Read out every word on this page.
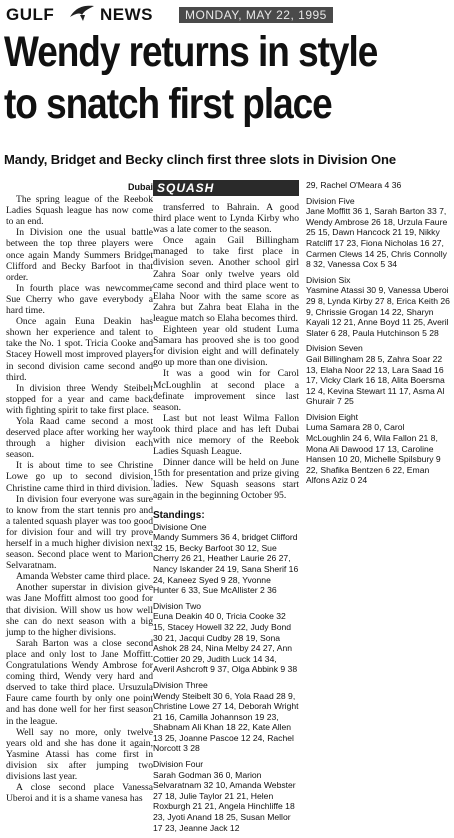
GULF	NEWS	MONDAY, MAY 22, 1995
Wendy returns in style
to snatch first place
Mandy, Bridget and Becky clinch first three slots in Division One
Dubai

The spring league of the Reebok Ladies Squash league has now come to an end.

In Division one the usual battle between the top three players were once again Mandy Summers Bridget Clifford and Becky Barfoot in that order.

In fourth place was newcommer Sue Cherry who gave everybody a hard time.

Once again Euna Deakin has shown her experience and talent to take the No. 1 spot. Tricia Cooke and Stacey Howell most improved players in second division came second and third.

In division three Wendy Steibelt stopped for a year and came back with fighting spirit to take first place.

Yola Raad came second a most deserved place after working her way through a higher division each season.

It is about time to see Christine Lowe go up to second division, Christine came third in third division.

In division four everyone was sure to know from the start tennis pro and a talented squash player was too good for division four and will try prove herself in a much higher division next season. Second place went to Marion Selvaratnam.

Amanda Webster came third place.

Another superstar in division give was Jane Moffitt almost too good for that division. Will show us how well she can do next season with a big jump to the higher divisions.

Sarah Barton was a close second place and only lost to Jane Moffitt. Congratulations Wendy Ambrose for coming third, Wendy very hard and dserved to take third place. Ursuzula Faure came fourth by only one point and has done well for her first season in the league.

Well say no more, only twelve years old and she has done it again, Yasmine Atassi has come first in division six after jumping two divisions last year.

A close second place Vanessa Uberoi and it is a shame vanesa has

SQUASH

transferred to Bahrain. A good third place went to Lynda Kirby who was a late comer to the season.

Once again Gail Billingham managed to take first place in division seven. Another school girl Zahra Soar only twelve years old came second and third place went to Elaha Noor with the same score as Zahra but Zahra beat Elaha in the league match so Elaha becomes third.

Eighteen year old student Luma Samara has prooved she is too good for division eight and will definately go up more than one division.

It was a good win for Carol McLoughlin at second place a definate improvement since last season.

Last but not least Wilma Fallon took third place and has left Dubai with nice memory of the Reebok Ladies Squash League.

Dinner dance will be held on June 15th for presentation and prize giving ladies. New Squash seasons start again in the beginning October 95.

Standings:
Divisione One
Mandy Summers 36 4, bridget Clifford 32 15, Becky Barfoot 30 12, Sue Cherry 26 21, Heather Laurie 26 27, Nancy Iskander 24 19, Sana Sherif 16 24, Kaneez Syed 9 28, Yvonne Hunter 6 33, Sue McAllister 2 36
Division Two
Euna Deakin 40 0, Tricia Cooke 32 15, Stacey Howell 32 22, Judy Bond 30 21, Jacqui Cudby 28 19, Sona Ashok 28 24, Nina Melby 24 27, Ann Cottier 20 29, Judith Luck 14 34, Averil Ashcroft 9 37, Olga Abbink 9 38
Division Three
Wendy Steibelt 30 6, Yola Raad 28 9, Christine Lowe 27 14, Deborah Wright 21 16, Camilla Johannson 19 23, Shabnam Ali Khan 18 22, Kate Allen 13 25, Joanne Pascoe 12 24, Rachel Norcott 3 28
Division Four
Sarah Godman 36 0, Marion Selvaratnam 32 10, Amanda Webster 27 18, Julie Taylor 21 21, Helen Roxburgh 21 21, Angela Hinchliffe 18 23, Jyoti Anand 18 25, Susan Mellor 17 23, Jeanne Jack 12
29, Rachel O'Meara 4 36
Division Five
Jane Moffitt 36 1, Sarah Barton 33 7, Wendy Ambrose 26 18, Urzula Faure 25 15, Dawn Hancock 21 19, Nikky Ratcliff 17 23, Fiona Nicholas 16 27, Carmen Clews 14 25, Chris Connolly 8 32, Vanessa Cox 5 34
Division Six
Yasmine Atassi 30 9, Vanessa Uberoi 29 8, Lynda Kirby 27 8, Erica Keith 26 9, Chrissie Grogan 14 22, Sharyn Kayali 12 21, Anne Boyd 11 25, Averil Slater 6 28, Paula Hutchinson 5 28
Division Seven
Gail Billingham 28 5, Zahra Soar 22 13, Elaha Noor 22 13, Lara Saad 16 17, Vicky Clark 16 18, Alita Boersma 12 4, Kevina Stewart 11 17, Asma Al Ghurair 7 25
Division Eight
Luma Samara 28 0, Carol McLoughlin 24 6, Wila Fallon 21 8, Mona Ali Dawood 17 13, Caroline Hansen 10 20, Michelle Spilsbury 9 22, Shafika Bentzen 6 22, Eman Alfons Aziz 0 24
